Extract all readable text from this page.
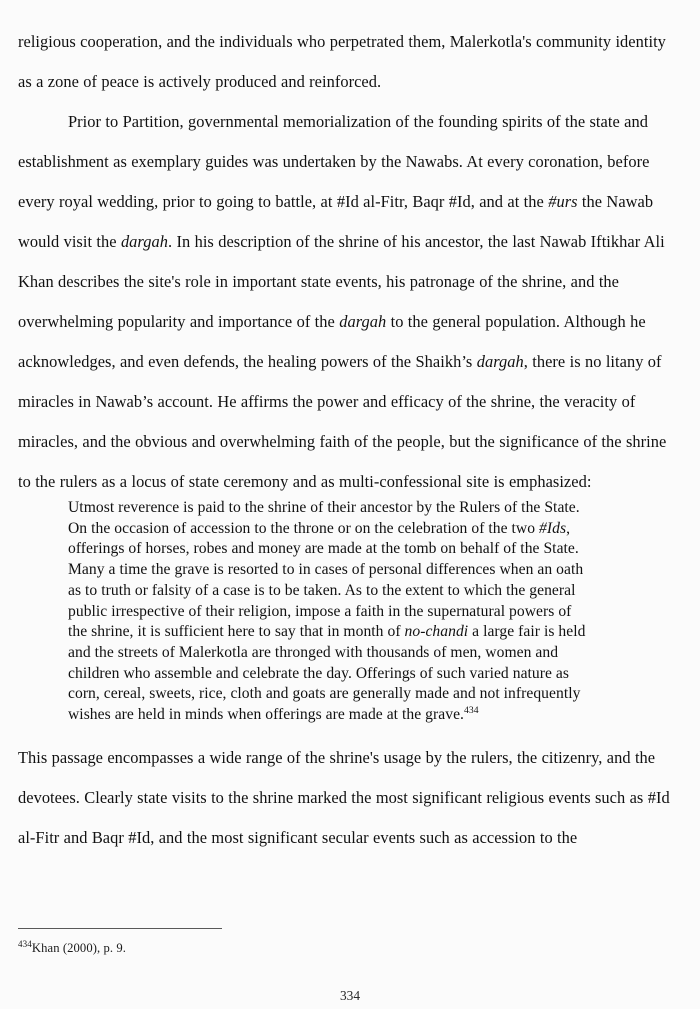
religious cooperation, and the individuals who perpetrated them, Malerkotla's community identity as a zone of peace is actively produced and reinforced.

Prior to Partition, governmental memorialization of the founding spirits of the state and establishment as exemplary guides was undertaken by the Nawabs. At every coronation, before every royal wedding, prior to going to battle, at #Id al-Fitr, Baqr #Id, and at the #urs the Nawab would visit the dargah. In his description of the shrine of his ancestor, the last Nawab Iftikhar Ali Khan describes the site's role in important state events, his patronage of the shrine, and the overwhelming popularity and importance of the dargah to the general population. Although he acknowledges, and even defends, the healing powers of the Shaikh’s dargah, there is no litany of miracles in Nawab’s account. He affirms the power and efficacy of the shrine, the veracity of miracles, and the obvious and overwhelming faith of the people, but the significance of the shrine to the rulers as a locus of state ceremony and as multi-confessional site is emphasized:

Utmost reverence is paid to the shrine of their ancestor by the Rulers of the State.

On the occasion of accession to the throne or on the celebration of the two #Ids,

offerings of horses, robes and money are made at the tomb on behalf of the State.

Many a time the grave is resorted to in cases of personal differences when an oath

as to truth or falsity of a case is to be taken. As to the extent to which the general

public irrespective of their religion, impose a faith in the supernatural powers of

the shrine, it is sufficient here to say that in month of no-chandi a large fair is held

and the streets of Malerkotla are thronged with thousands of men, women and

children who assemble and celebrate the day. Offerings of such varied nature as

corn, cereal, sweets, rice, cloth and goats are generally made and not infrequently

wishes are held in minds when offerings are made at the grave.$^{434}$

This passage encompasses a wide range of the shrine's usage by the rulers, the citizenry, and the devotees. Clearly state visits to the shrine marked the most significant religious events such as #Id al-Fitr and Baqr #Id, and the most significant secular events such as accession to the

$^{434}$Khan (2000), p. 9.
334
